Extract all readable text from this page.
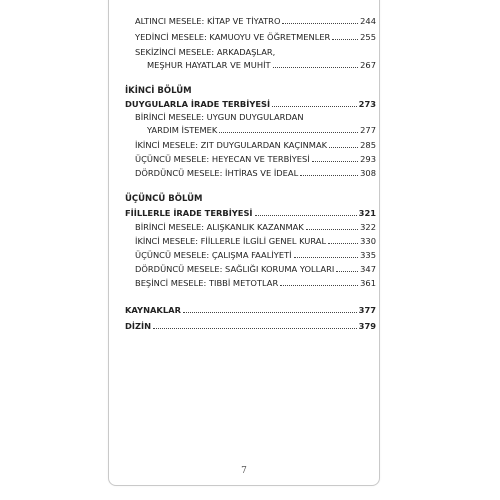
7
ALTINCI MESELE: KİTAP VE TİYATRO	244
YEDİNCİ MESELE: KAMUOYU VE ÖĞRETMENLER	255
SEKİZİNCİ MESELE: ARKADAŞLAR,
MEŞHUR HAYATLAR VE MUHİT	267
İKİNCİ BÖLÜM
DUYGULARLA İRADE TERBİYESİ	273
BİRİNCİ MESELE: UYGUN DUYGULARDAN
YARDIM İSTEMEK	277
İKİNCİ MESELE: ZIT DUYGULARDAN KAÇINMAK	285
ÜÇÜNCÜ MESELE: HEYECAN VE TERBİYESİ	293
DÖRDÜNCÜ MESELE: İHTİRAS VE İDEAL	308
ÜÇÜNCÜ BÖLÜM
FİİLLERLE İRADE TERBİYESİ	321
BİRİNCİ MESELE: ALIŞKANLIK KAZANMAK	322
İKİNCİ MESELE: FİİLLERLE İLGİLİ GENEL KURAL	330
ÜÇÜNCÜ MESELE: ÇALIŞMA FAALİYETİ	335
DÖRDÜNCÜ MESELE: SAĞLIĞI KORUMA YOLLARI	347
BEŞİNCİ MESELE: TIBBİ METOTLAR	361
KAYNAKLAR	377
DİZİN	379
